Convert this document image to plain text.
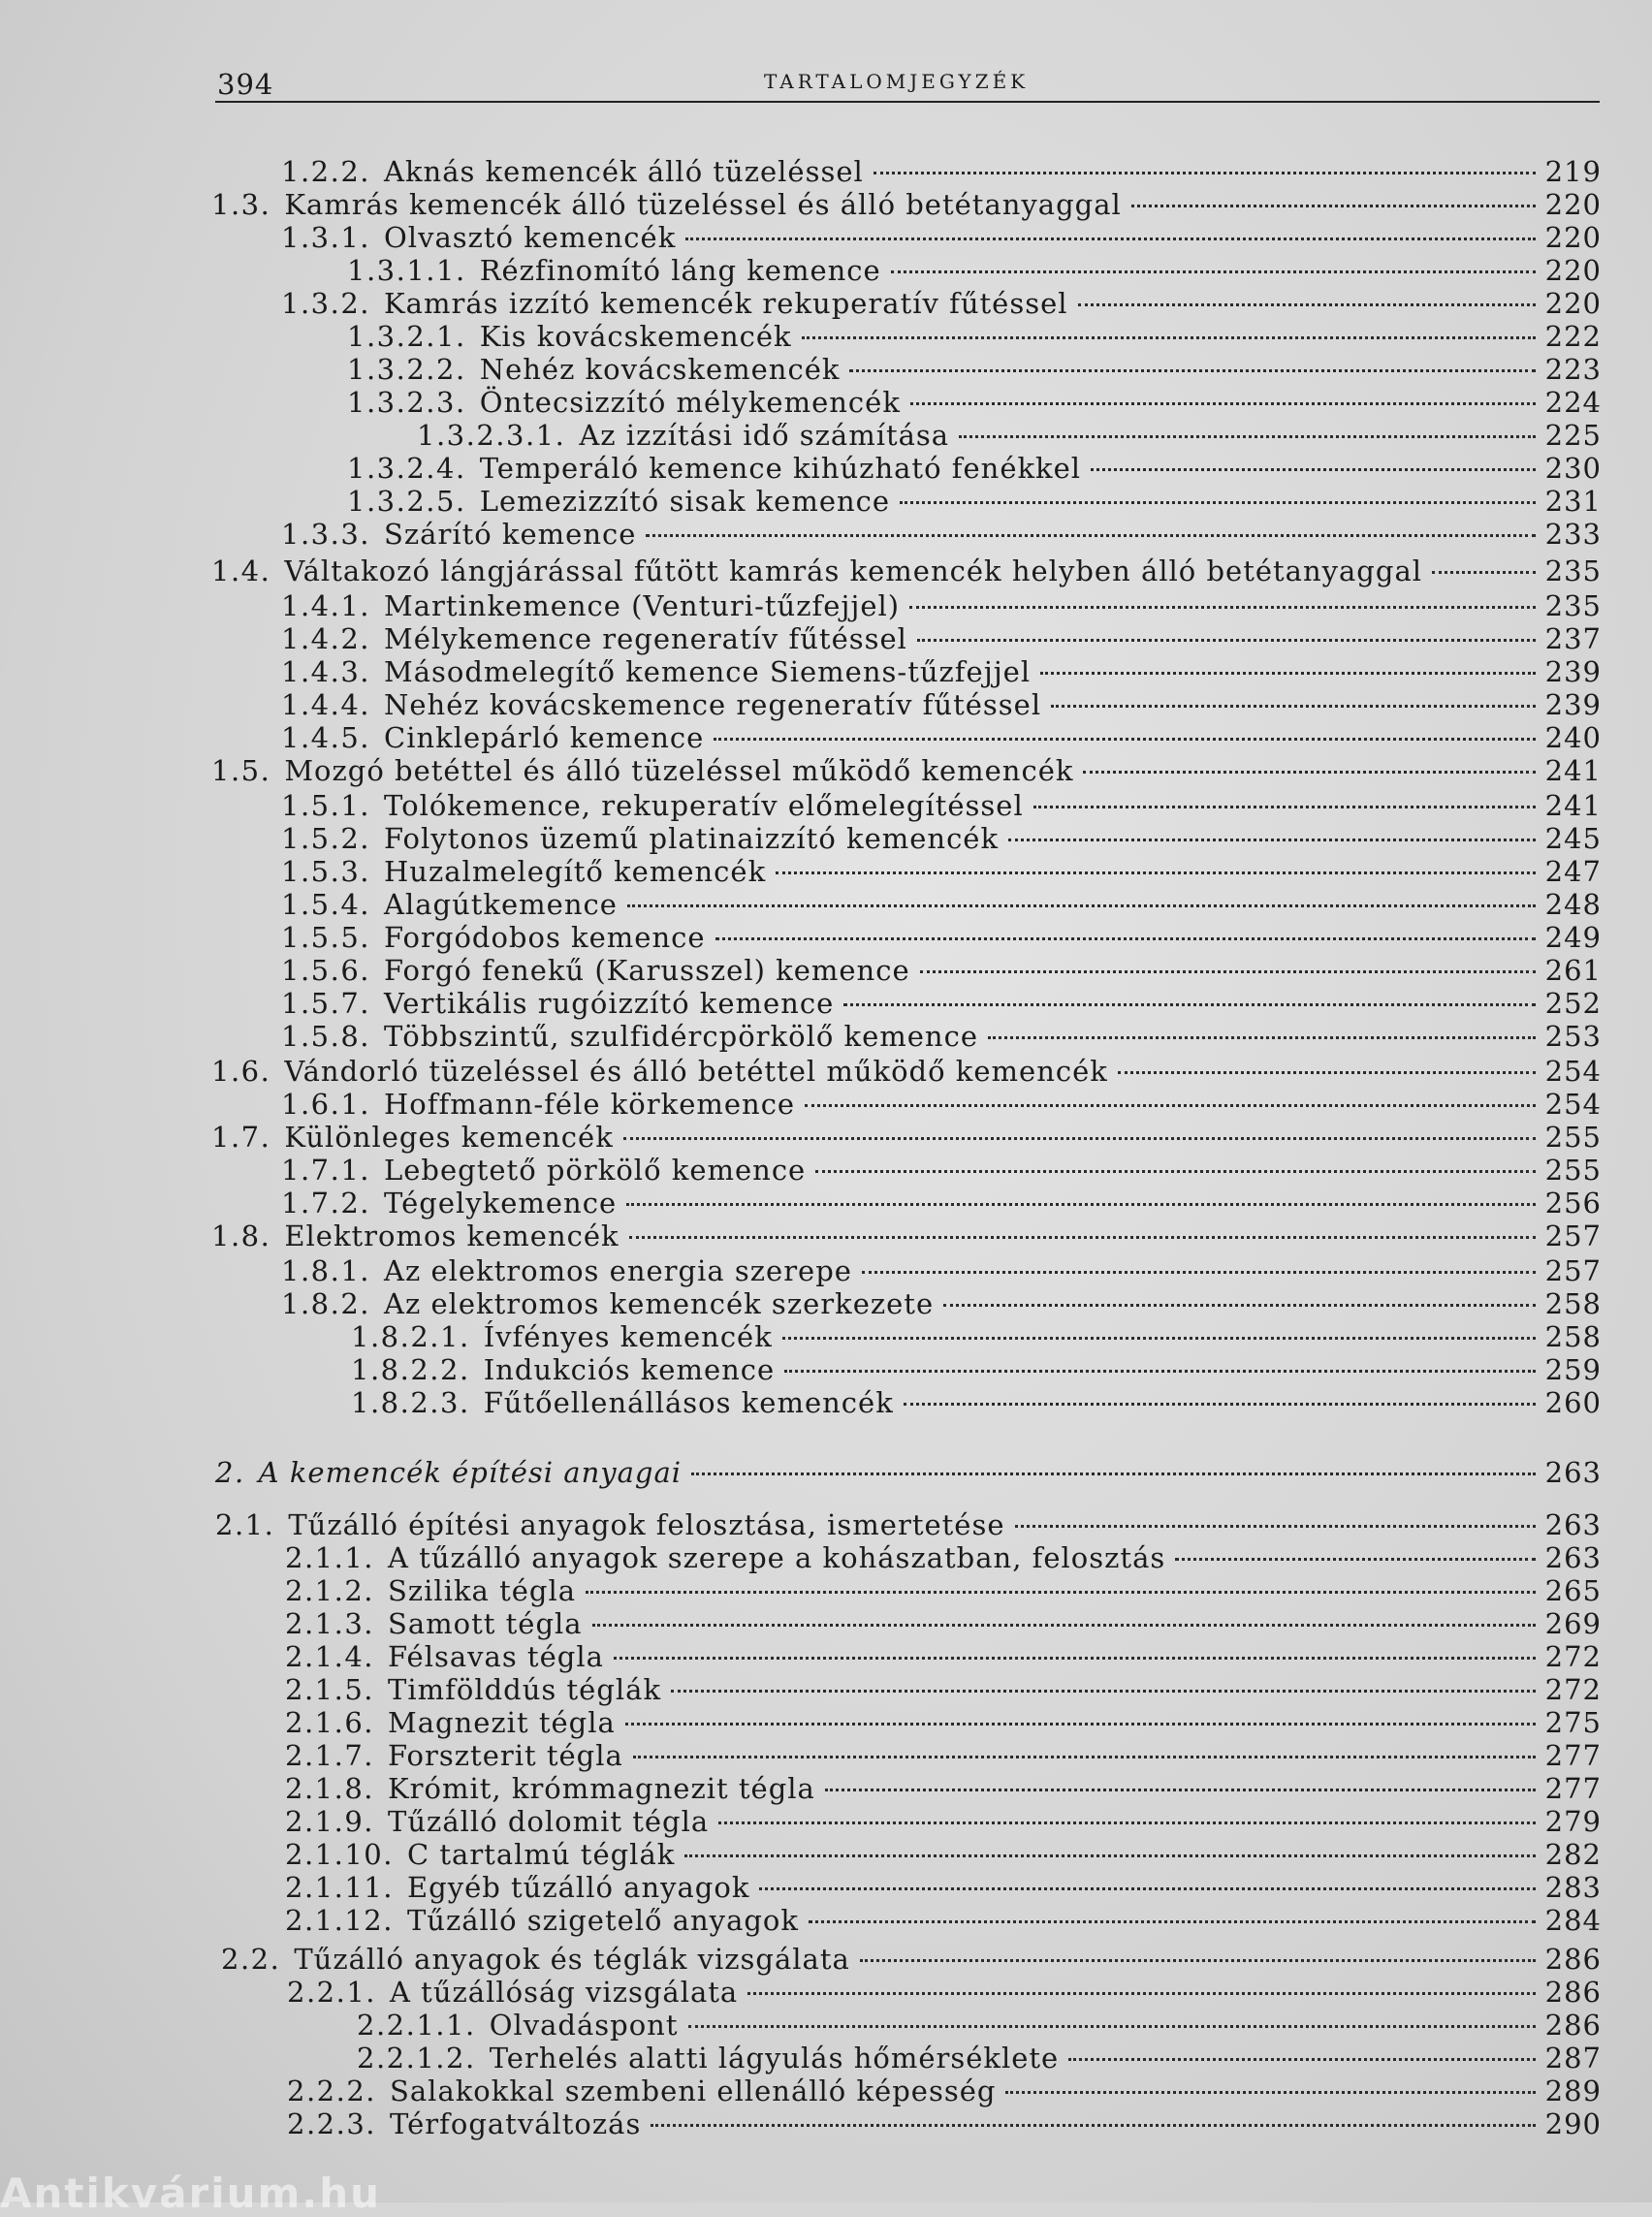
394	TARTALOMJEGYZÉK
1.2.2. Aknás kemencék álló tüzeléssel	219
1.3. Kamrás kemencék álló tüzeléssel és álló betétanyaggal	220
1.3.1. Olvasztó kemencék	220
1.3.1.1. Rézfinomító láng kemence	220
1.3.2. Kamrás izzító kemencék rekuperatív fűtéssel	220
1.3.2.1. Kis kovácskemencék	222
1.3.2.2. Nehéz kovácskemencék	223
1.3.2.3. Öntecsizzító mélykemencék	224
1.3.2.3.1. Az izzítási idő számítása	225
1.3.2.4. Temperáló kemence kihúzható fenékkel	230
1.3.2.5. Lemezizzító sisak kemence	231
1.3.3. Szárító kemence	233
1.4. Váltakozó lángjárással fűtött kamrás kemencék helyben álló betétanyaggal	235
1.4.1. Martinkemence (Venturi-tűzfejjel)	235
1.4.2. Mélykemence regeneratív fűtéssel	237
1.4.3. Másodmelegítő kemence Siemens-tűzfejjel	239
1.4.4. Nehéz kovácskemence regeneratív fűtéssel	239
1.4.5. Cinklepárló kemence	240
1.5. Mozgó betéttel és álló tüzeléssel működő kemencék	241
1.5.1. Tolókemence, rekuperatív előmelegítéssel	241
1.5.2. Folytonos üzemű platinaizzító kemencék	245
1.5.3. Huzalmelegítő kemencék	247
1.5.4. Alagútkemence	248
1.5.5. Forgódobos kemence	249
1.5.6. Forgó fenekű (Karusszel) kemence	261
1.5.7. Vertikális rugóizzító kemence	252
1.5.8. Többszintű, szulfidércpörkölő kemence	253
1.6. Vándorló tüzeléssel és álló betéttel működő kemencék	254
1.6.1. Hoffmann-féle körkemence	254
1.7. Különleges kemencék	255
1.7.1. Lebegtető pörkölő kemence	255
1.7.2. Tégelykemence	256
1.8. Elektromos kemencék	257
1.8.1. Az elektromos energia szerepe	257
1.8.2. Az elektromos kemencék szerkezete	258
1.8.2.1. Ívfényes kemencék	258
1.8.2.2. Indukciós kemence	259
1.8.2.3. Fűtőellenállásos kemencék	260
2. A kemencék építési anyagai	263
2.1. Tűzálló építési anyagok felosztása, ismertetése	263
2.1.1. A tűzálló anyagok szerepe a kohászatban, felosztás	263
2.1.2. Szilika tégla	265
2.1.3. Samott tégla	269
2.1.4. Félsavas tégla	272
2.1.5. Timfölddús téglák	272
2.1.6. Magnezit tégla	275
2.1.7. Forszterit tégla	277
2.1.8. Krómit, krómmagnezit tégla	277
2.1.9. Tűzálló dolomit tégla	279
2.1.10. C tartalmú téglák	282
2.1.11. Egyéb tűzálló anyagok	283
2.1.12. Tűzálló szigetelő anyagok	284
2.2. Tűzálló anyagok és téglák vizsgálata	286
2.2.1. A tűzállóság vizsgálata	286
2.2.1.1. Olvadáspont	286
2.2.1.2. Terhelés alatti lágyulás hőmérséklete	287
2.2.2. Salakokkal szembeni ellenálló képesség	289
2.2.3. Térfogatváltozás	290
Antikvárium.hu
